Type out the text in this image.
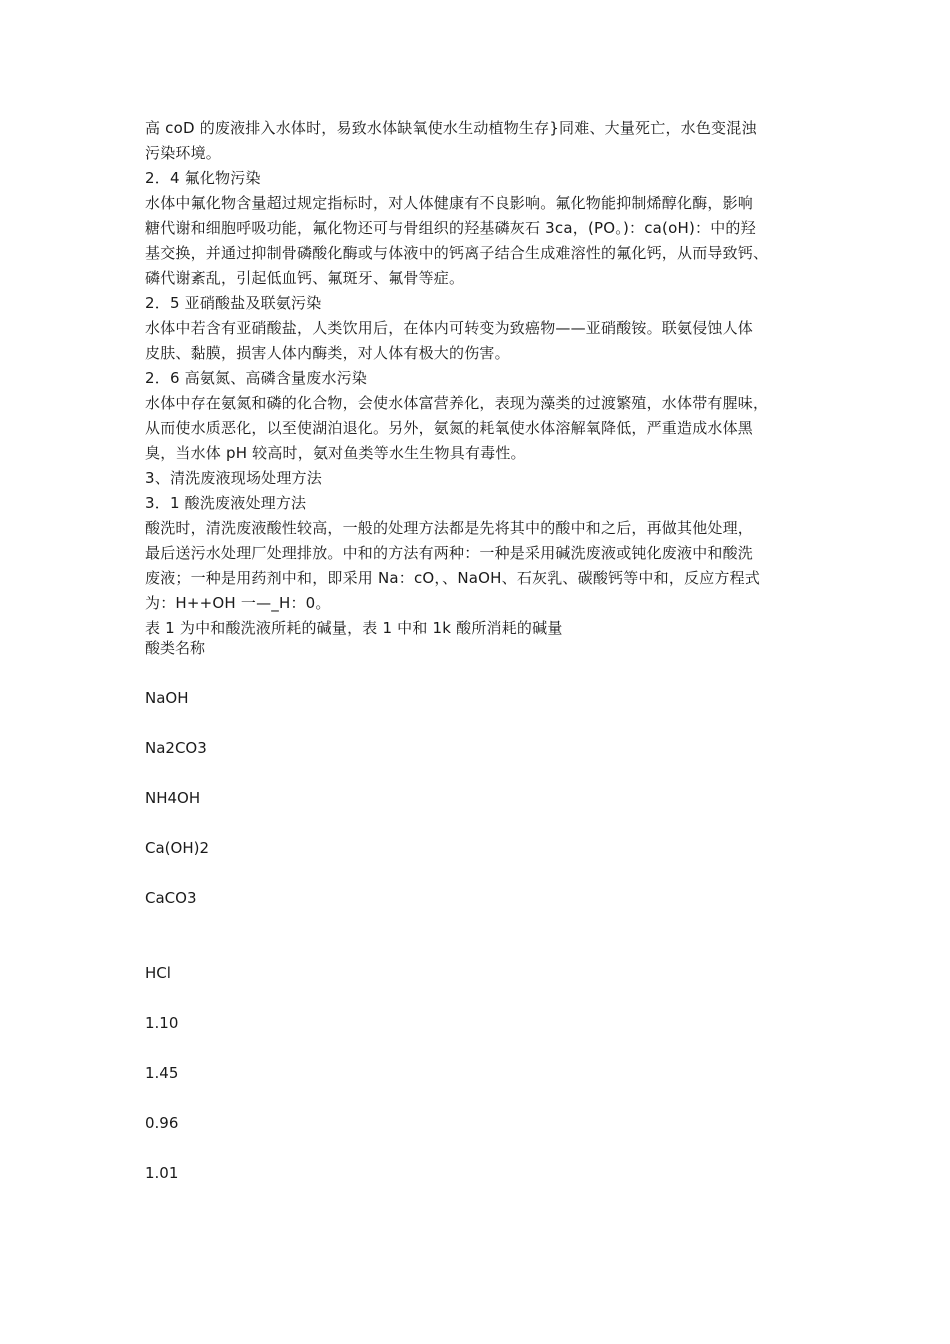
高 coD 的废液排入水体时，易致水体缺氧使水生动植物生存}同难、大量死亡，水色变混浊

污染环境。

2．4 氟化物污染

水体中氟化物含量超过规定指标时，对人体健康有不良影响。氟化物能抑制烯醇化酶，影响

糖代谢和细胞呼吸功能，氟化物还可与骨组织的羟基磷灰石 3ca，(PO。)：ca(oH)：中的羟

基交换，并通过抑制骨磷酸化酶或与体液中的钙离子结合生成难溶性的氟化钙，从而导致钙、

磷代谢紊乱，引起低血钙、氟斑牙、氟骨等症。

2．5 亚硝酸盐及联氨污染

水体中若含有亚硝酸盐，人类饮用后，在体内可转变为致癌物——亚硝酸铵。联氨侵蚀人体

皮肤、黏膜，损害人体内酶类，对人体有极大的伤害。

2．6 高氨氮、高磷含量废水污染

水体中存在氨氮和磷的化合物，会使水体富营养化，表现为藻类的过渡繁殖，水体带有腥味，

从而使水质恶化，以至使湖泊退化。另外，氨氮的耗氧使水体溶解氧降低，严重造成水体黑

臭，当水体 pH 较高时，氨对鱼类等水生生物具有毒性。

3、清洗废液现场处理方法

3．1 酸洗废液处理方法

酸洗时，清洗废液酸性较高，一般的处理方法都是先将其中的酸中和之后，再做其他处理，

最后送污水处理厂处理排放。中和的方法有两种：一种是采用碱洗废液或钝化废液中和酸洗

废液；一种是用药剂中和，即采用 Na：cO，、NaOH、石灰乳、碳酸钙等中和，反应方程式

为：H++OH 一—_H：0。

表 1 为中和酸洗液所耗的碱量，表 1 中和 1k 酸所消耗的碱量

酸类名称

NaOH

Na2CO3

NH4OH

Ca(OH)2

CaCO3

HCl

1.10

1.45

0.96

1.01
